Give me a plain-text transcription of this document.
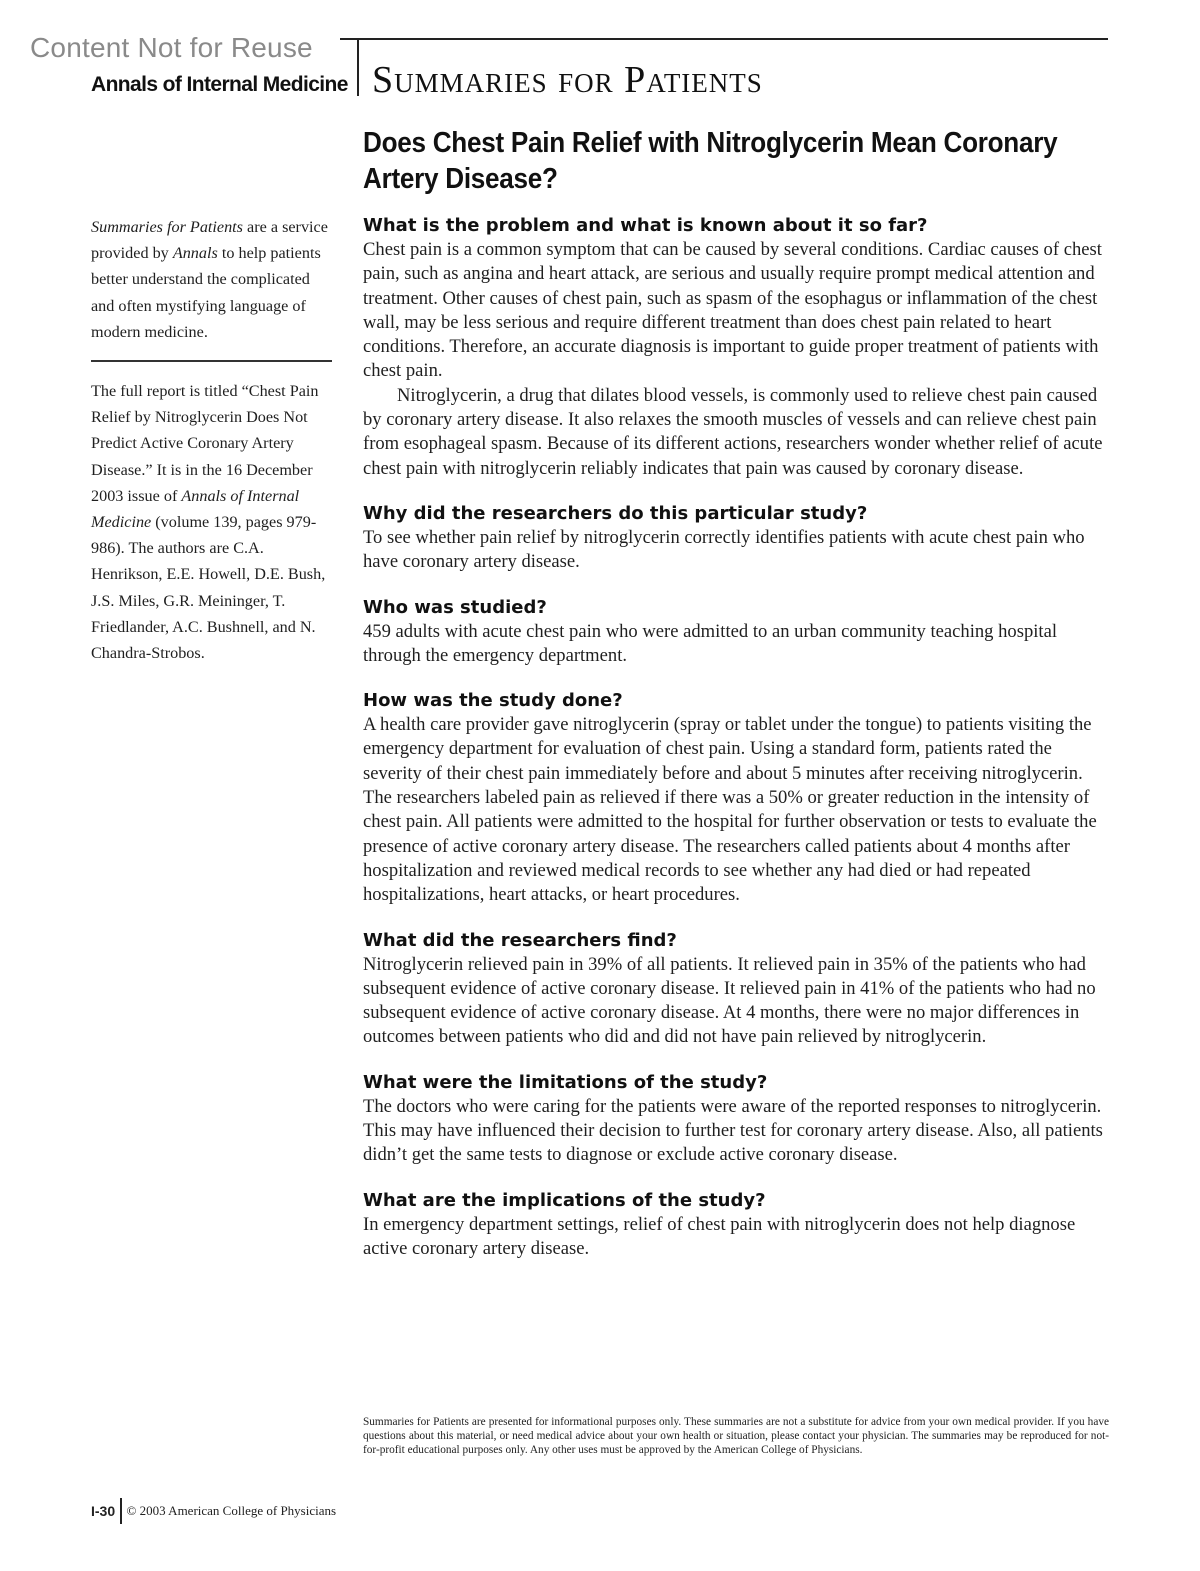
Content Not for Reuse
Annals of Internal Medicine Summaries for Patients
Summaries for Patients are a service provided by Annals to help patients better understand the complicated and often mystifying language of modern medicine.
The full report is titled “Chest Pain Relief by Nitroglycerin Does Not Predict Active Coronary Artery Disease.” It is in the 16 December 2003 issue of Annals of Internal Medicine (volume 139, pages 979-986). The authors are C.A. Henrikson, E.E. Howell, D.E. Bush, J.S. Miles, G.R. Meininger, T. Friedlander, A.C. Bushnell, and N. Chandra-Strobos.
Does Chest Pain Relief with Nitroglycerin Mean Coronary Artery Disease?
What is the problem and what is known about it so far?

Chest pain is a common symptom that can be caused by several conditions. Cardiac causes of chest pain, such as angina and heart attack, are serious and usually require prompt medical attention and treatment. Other causes of chest pain, such as spasm of the esophagus or inflammation of the chest wall, may be less serious and require different treatment than does chest pain related to heart conditions. Therefore, an accurate diagnosis is important to guide proper treatment of patients with chest pain.

Nitroglycerin, a drug that dilates blood vessels, is commonly used to relieve chest pain caused by coronary artery disease. It also relaxes the smooth muscles of vessels and can relieve chest pain from esophageal spasm. Because of its different actions, researchers wonder whether relief of acute chest pain with nitroglycerin reliably indicates that pain was caused by coronary disease.

Why did the researchers do this particular study?

To see whether pain relief by nitroglycerin correctly identifies patients with acute chest pain who have coronary artery disease.

Who was studied?

459 adults with acute chest pain who were admitted to an urban community teaching hospital through the emergency department.

How was the study done?

A health care provider gave nitroglycerin (spray or tablet under the tongue) to patients visiting the emergency department for evaluation of chest pain. Using a standard form, patients rated the severity of their chest pain immediately before and about 5 minutes after receiving nitroglycerin. The researchers labeled pain as relieved if there was a 50% or greater reduction in the intensity of chest pain. All patients were admitted to the hospital for further observation or tests to evaluate the presence of active coronary artery disease. The researchers called patients about 4 months after hospitalization and reviewed medical records to see whether any had died or had repeated hospitalizations, heart attacks, or heart procedures.

What did the researchers find?

Nitroglycerin relieved pain in 39% of all patients. It relieved pain in 35% of the patients who had subsequent evidence of active coronary disease. It relieved pain in 41% of the patients who had no subsequent evidence of active coronary disease. At 4 months, there were no major differences in outcomes between patients who did and did not have pain relieved by nitroglycerin.

What were the limitations of the study?

The doctors who were caring for the patients were aware of the reported responses to nitroglycerin. This may have influenced their decision to further test for coronary artery disease. Also, all patients didn’t get the same tests to diagnose or exclude active coronary disease.

What are the implications of the study?

In emergency department settings, relief of chest pain with nitroglycerin does not help diagnose active coronary artery disease.

Summaries for Patients are presented for informational purposes only. These summaries are not a substitute for advice from your own medical provider. If you have questions about this material, or need medical advice about your own health or situation, please contact your physician. The summaries may be reproduced for not-for-profit educational purposes only. Any other uses must be approved by the American College of Physicians.
I-30 © 2003 American College of Physicians
